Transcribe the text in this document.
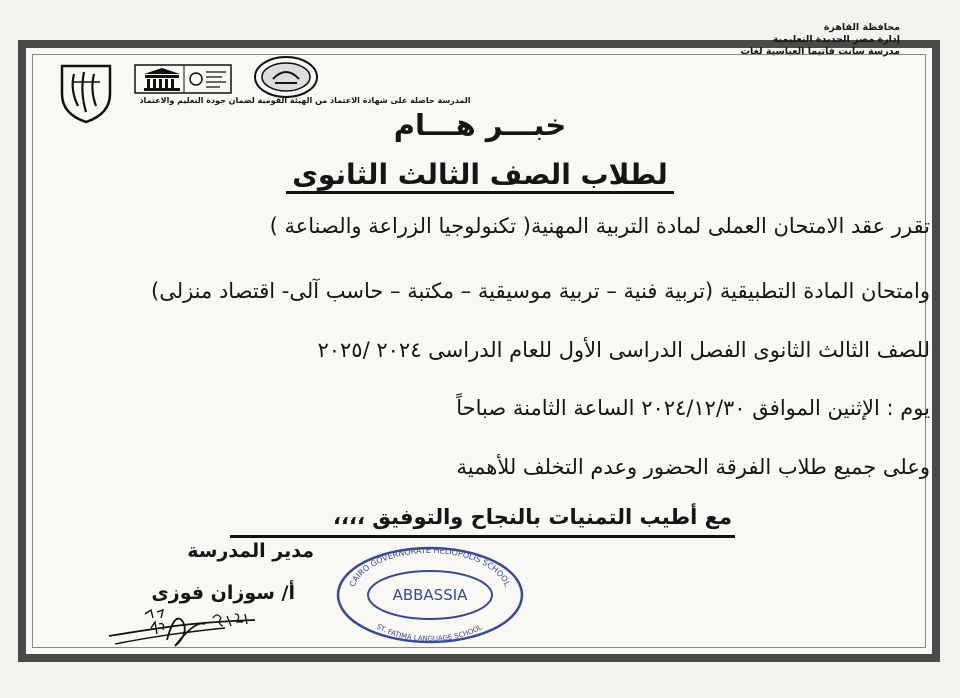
محافظة القاهرة
إدارة مصر الجديدة التعليمية
مدرسة سانت فاتيما العباسية لغات
المدرسة حاصلة على شهادة الاعتماد من الهيئة القومية لضمان جودة التعليم والاعتماد
خبـــر هـــام
لطلاب الصف الثالث الثانوى
تقرر عقد الامتحان العملى لمادة التربية المهنية( تكنولوجيا الزراعة والصناعة )
وامتحان المادة التطبيقية (تربية فنية – تربية موسيقية – مكتبة – حاسب آلى- اقتصاد منزلى)
للصف الثالث الثانوى الفصل الدراسى الأول للعام الدراسى ٢٠٢٤ /٢٠٢٥
يوم : الإثنين الموافق ٢٠٢٤/١٢/٣٠ الساعة الثامنة صباحاً
وعلى جميع طلاب الفرقة الحضور وعدم التخلف للأهمية
مع أطيب التمنيات بالنجاح والتوفيق ،،،،
مدير المدرسة
أ/ سوزان فوزى	CAIRO GOVERNORATE HELIOPOLIS SCHOOL
ST. FATIMA LANGUAGE SCHOOL
ABBASSIA
